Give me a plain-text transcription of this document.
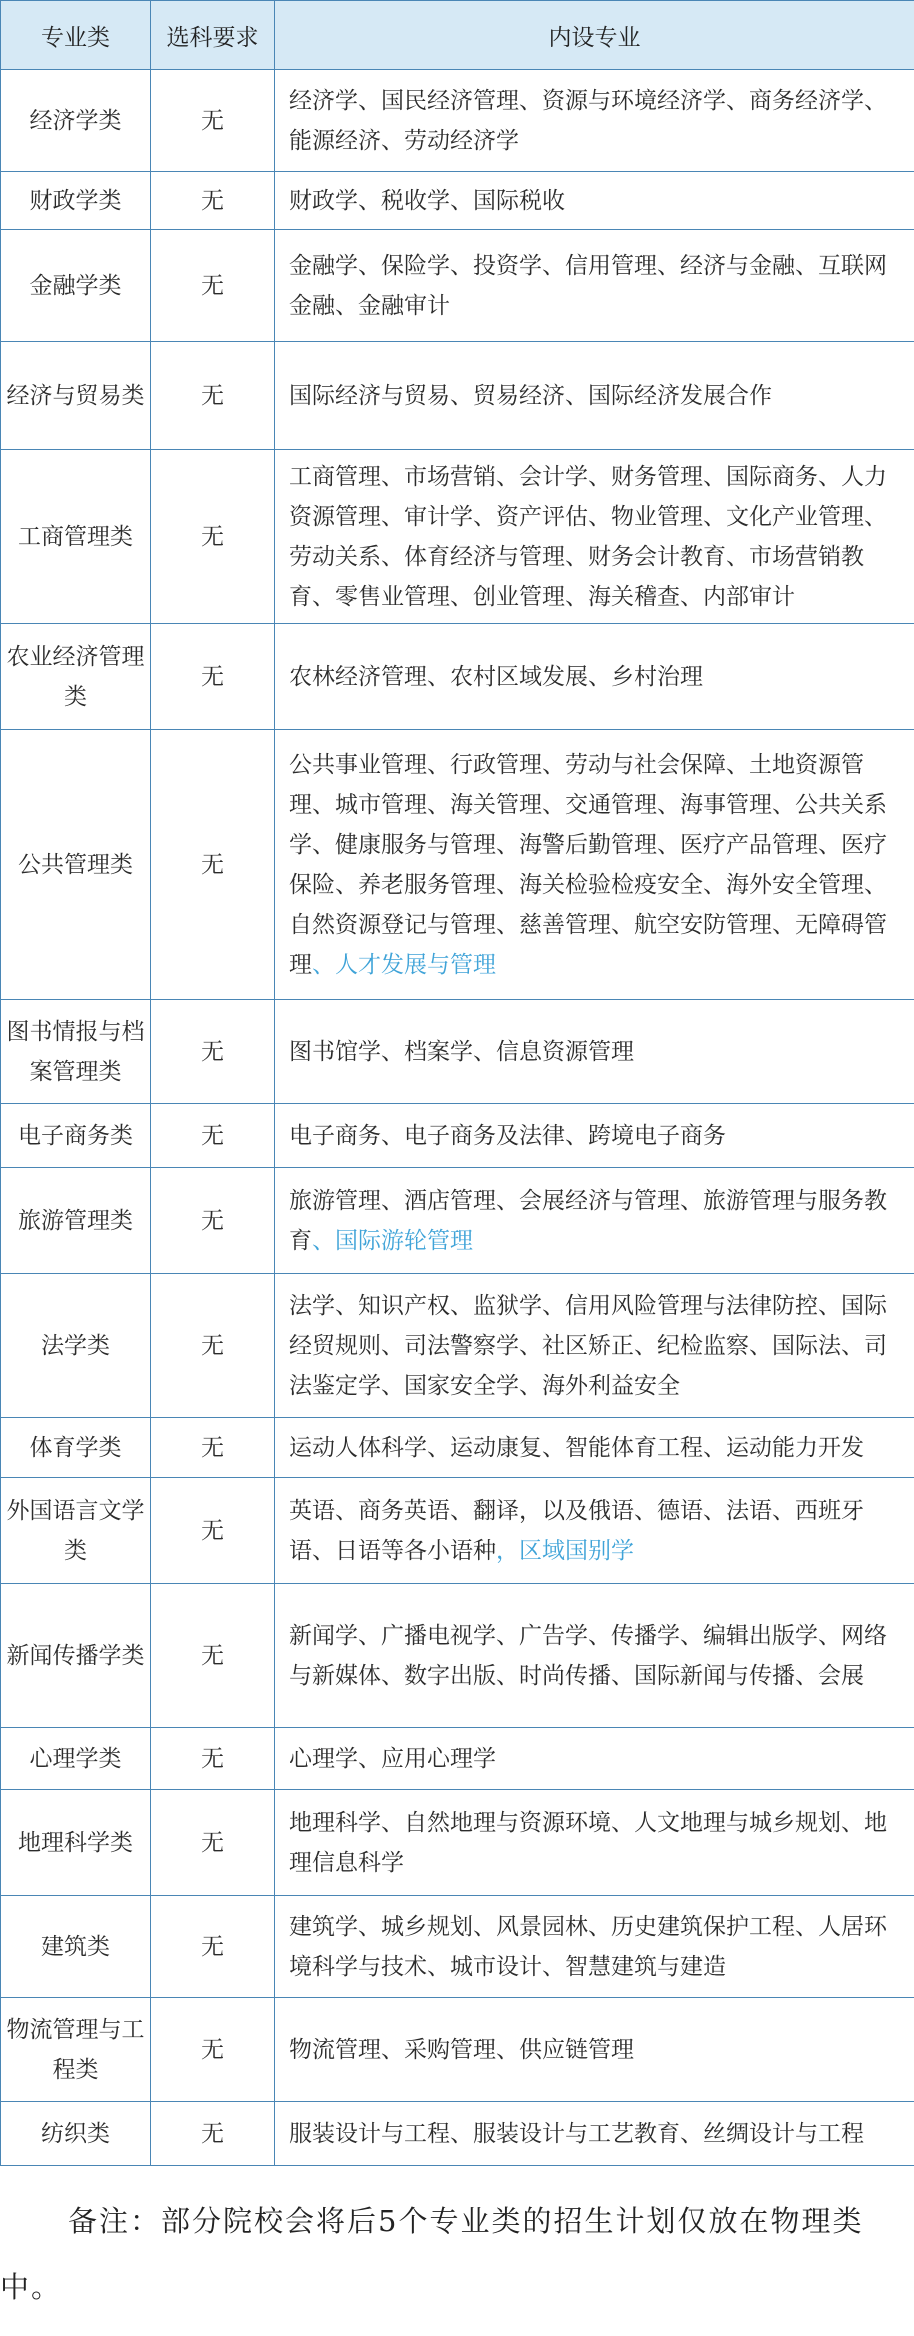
专业类	选科要求	内设专业
经济学类	无	经济学、国民经济管理、资源与环境经济学、商务经济学、能源经济、劳动经济学
财政学类	无	财政学、税收学、国际税收
金融学类	无	金融学、保险学、投资学、信用管理、经济与金融、互联网金融、金融审计
经济与贸易类	无	国际经济与贸易、贸易经济、国际经济发展合作
工商管理类	无	工商管理、市场营销、会计学、财务管理、国际商务、人力资源管理、审计学、资产评估、物业管理、文化产业管理、劳动关系、体育经济与管理、财务会计教育、市场营销教育、零售业管理、创业管理、海关稽查、内部审计
农业经济管理类	无	农林经济管理、农村区域发展、乡村治理
公共管理类	无	公共事业管理、行政管理、劳动与社会保障、土地资源管理、城市管理、海关管理、交通管理、海事管理、公共关系学、健康服务与管理、海警后勤管理、医疗产品管理、医疗保险、养老服务管理、海关检验检疫安全、海外安全管理、自然资源登记与管理、慈善管理、航空安防管理、无障碍管理、人才发展与管理
图书情报与档案管理类	无	图书馆学、档案学、信息资源管理
电子商务类	无	电子商务、电子商务及法律、跨境电子商务
旅游管理类	无	旅游管理、酒店管理、会展经济与管理、旅游管理与服务教育、国际游轮管理
法学类	无	法学、知识产权、监狱学、信用风险管理与法律防控、国际经贸规则、司法警察学、社区矫正、纪检监察、国际法、司法鉴定学、国家安全学、海外利益安全
体育学类	无	运动人体科学、运动康复、智能体育工程、运动能力开发
外国语言文学类	无	英语、商务英语、翻译，以及俄语、德语、法语、西班牙语、日语等各小语种，区域国别学
新闻传播学类	无	新闻学、广播电视学、广告学、传播学、编辑出版学、网络与新媒体、数字出版、时尚传播、国际新闻与传播、会展
心理学类	无	心理学、应用心理学
地理科学类	无	地理科学、自然地理与资源环境、人文地理与城乡规划、地理信息科学
建筑类	无	建筑学、城乡规划、风景园林、历史建筑保护工程、人居环境科学与技术、城市设计、智慧建筑与建造
物流管理与工程类	无	物流管理、采购管理、供应链管理
纺织类	无	服装设计与工程、服装设计与工艺教育、丝绸设计与工程

备注：部分院校会将后5个专业类的招生计划仅放在物理类中。
